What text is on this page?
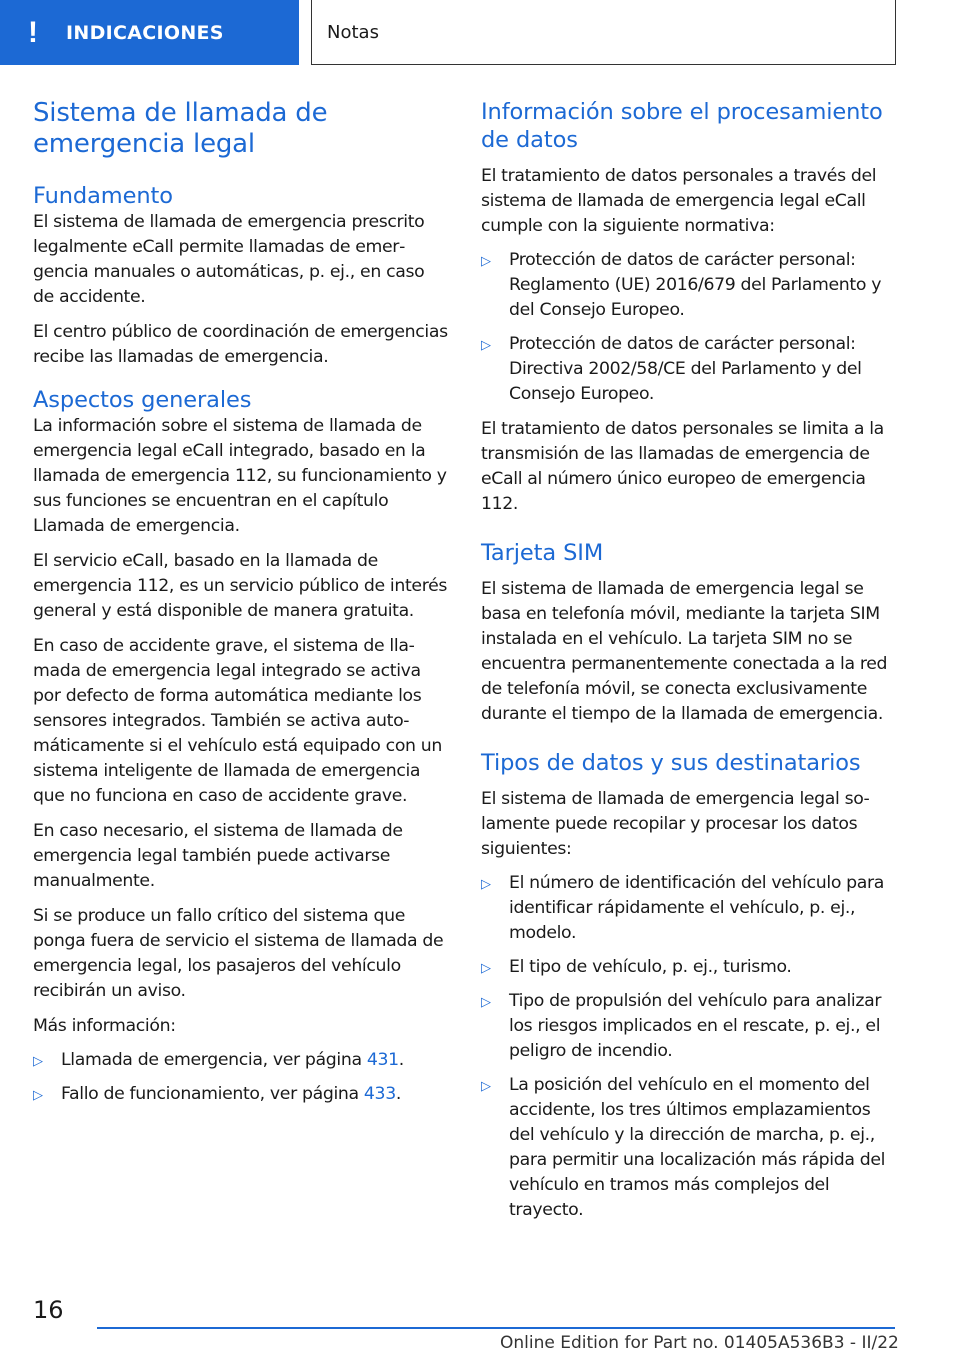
!	INDICACIONES	Notas
Sistema de llamada de emergencia legal
Fundamento

El sistema de llamada de emergencia prescrito legalmente eCall permite llamadas de emergencia manuales o automáticas, p. ej., en caso de accidente.

El centro público de coordinación de emergencias recibe las llamadas de emergencia.

Aspectos generales

La información sobre el sistema de llamada de emergencia legal eCall integrado, basado en la llamada de emergencia 112, su funcionamiento y sus funciones se encuentran en el capítulo Llamada de emergencia.

El servicio eCall, basado en la llamada de emergencia 112, es un servicio público de interés general y está disponible de manera gratuita.

En caso de accidente grave, el sistema de llamada de emergencia legal integrado se activa por defecto de forma automática mediante los sensores integrados. También se activa automáticamente si el vehículo está equipado con un sistema inteligente de llamada de emergencia que no funciona en caso de accidente grave.

En caso necesario, el sistema de llamada de emergencia legal también puede activarse manualmente.

Si se produce un fallo crítico del sistema que ponga fuera de servicio el sistema de llamada de emergencia legal, los pasajeros del vehículo recibirán un aviso.

Más información:

▷ Llamada de emergencia, ver página 431.
▷ Fallo de funcionamiento, ver página 433.
Información sobre el procesamiento de datos

El tratamiento de datos personales a través del sistema de llamada de emergencia legal eCall cumple con la siguiente normativa:

▷ Protección de datos de carácter personal: Reglamento (UE) 2016/679 del Parlamento y del Consejo Europeo.
▷ Protección de datos de carácter personal: Directiva 2002/58/CE del Parlamento y del Consejo Europeo.

El tratamiento de datos personales se limita a la transmisión de las llamadas de emergencia de eCall al número único europeo de emergencia 112.

Tarjeta SIM

El sistema de llamada de emergencia legal se basa en telefonía móvil, mediante la tarjeta SIM instalada en el vehículo. La tarjeta SIM no se encuentra permanentemente conectada a la red de telefonía móvil, se conecta exclusivamente durante el tiempo de la llamada de emergencia.

Tipos de datos y sus destinatarios

El sistema de llamada de emergencia legal solamente puede recopilar y procesar los datos siguientes:

▷ El número de identificación del vehículo para identificar rápidamente el vehículo, p. ej., modelo.
▷ El tipo de vehículo, p. ej., turismo.
▷ Tipo de propulsión del vehículo para analizar los riesgos implicados en el rescate, p. ej., el peligro de incendio.
▷ La posición del vehículo en el momento del accidente, los tres últimos emplazamientos del vehículo y la dirección de marcha, p. ej., para permitir una localización más rápida del vehículo en tramos más complejos del trayecto.
16
Online Edition for Part no. 01405A536B3 - II/22
